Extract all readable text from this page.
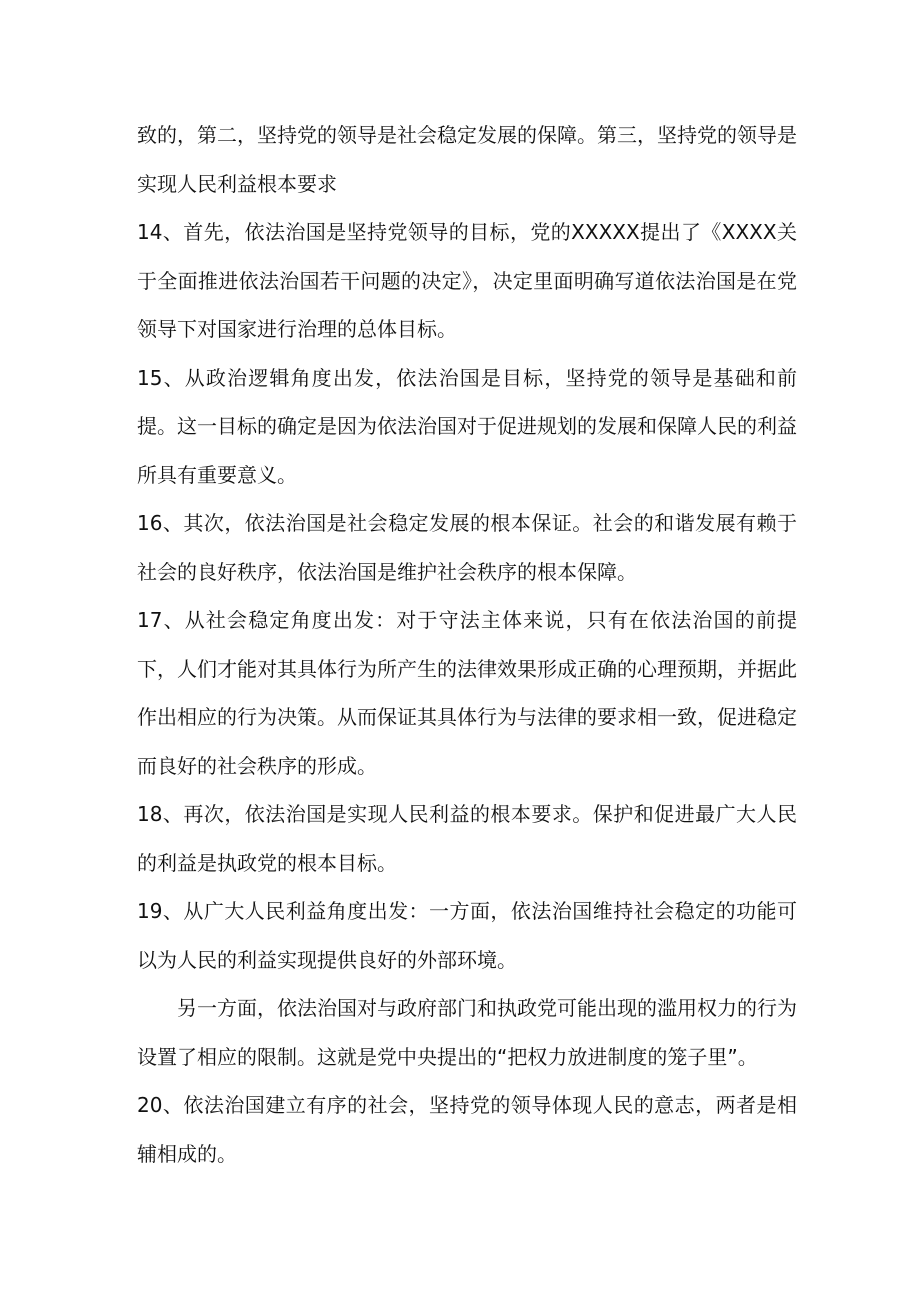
致的，第二，坚持党的领导是社会稳定发展的保障。第三，坚持党的领导是实现人民利益根本要求

14、首先，依法治国是坚持党领导的目标，党的XXXXX提出了《XXXX关于全面推进依法治国若干问题的决定》，决定里面明确写道依法治国是在党领导下对国家进行治理的总体目标。

15、从政治逻辑角度出发，依法治国是目标，坚持党的领导是基础和前提。这一目标的确定是因为依法治国对于促进规划的发展和保障人民的利益所具有重要意义。

16、其次，依法治国是社会稳定发展的根本保证。社会的和谐发展有赖于社会的良好秩序，依法治国是维护社会秩序的根本保障。

17、从社会稳定角度出发：对于守法主体来说，只有在依法治国的前提下，人们才能对其具体行为所产生的法律效果形成正确的心理预期，并据此作出相应的行为决策。从而保证其具体行为与法律的要求相一致，促进稳定而良好的社会秩序的形成。

18、再次，依法治国是实现人民利益的根本要求。保护和促进最广大人民的利益是执政党的根本目标。

19、从广大人民利益角度出发：一方面，依法治国维持社会稳定的功能可以为人民的利益实现提供良好的外部环境。

另一方面，依法治国对与政府部门和执政党可能出现的滥用权力的行为设置了相应的限制。这就是党中央提出的“把权力放进制度的笼子里”。

20、依法治国建立有序的社会，坚持党的领导体现人民的意志，两者是相辅相成的。
